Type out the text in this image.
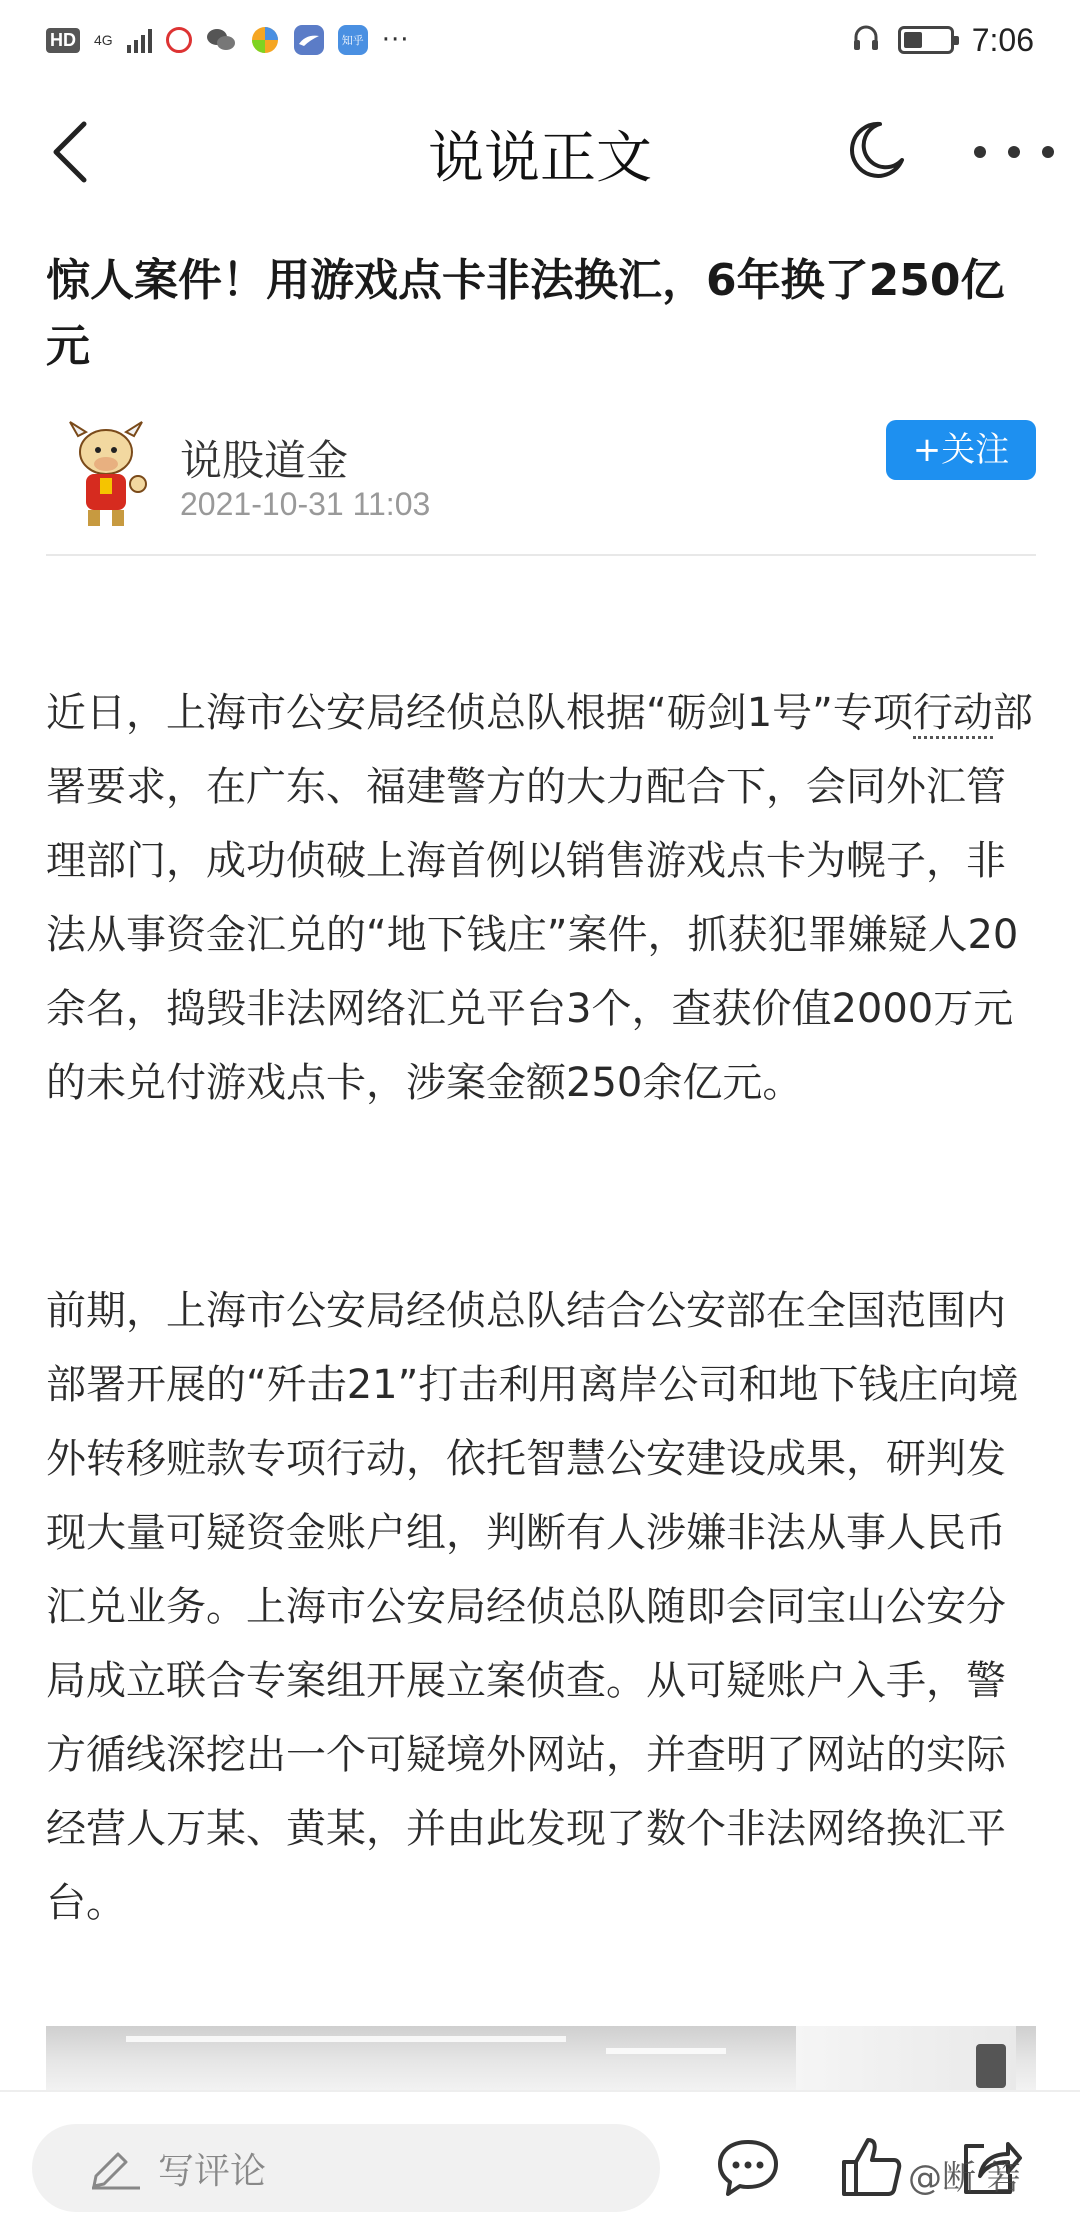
HD 4G	知乎 ···	7:06
说说正文
惊人案件！用游戏点卡非法换汇，6年换了250亿元
说股道金
2021-10-31 11:03
+关注

近日，上海市公安局经侦总队根据“砺剑1号”专项行动部署要求，在广东、福建警方的大力配合下，会同外汇管理部门，成功侦破上海首例以销售游戏点卡为幌子，非法从事资金汇兑的“地下钱庄”案件，抓获犯罪嫌疑人20余名，捣毁非法网络汇兑平台3个，查获价值2000万元的未兑付游戏点卡，涉案金额250余亿元。

前期，上海市公安局经侦总队结合公安部在全国范围内部署开展的“歼击21”打击利用离岸公司和地下钱庄向境外转移赃款专项行动，依托智慧公安建设成果，研判发现大量可疑资金账户组，判断有人涉嫌非法从事人民币汇兑业务。上海市公安局经侦总队随即会同宝山公安分局成立联合专案组开展立案侦查。从可疑账户入手，警方循线深挖出一个可疑境外网站，并查明了网站的实际经营人万某、黄某，并由此发现了数个非法网络换汇平台。

写评论	@断 箬
